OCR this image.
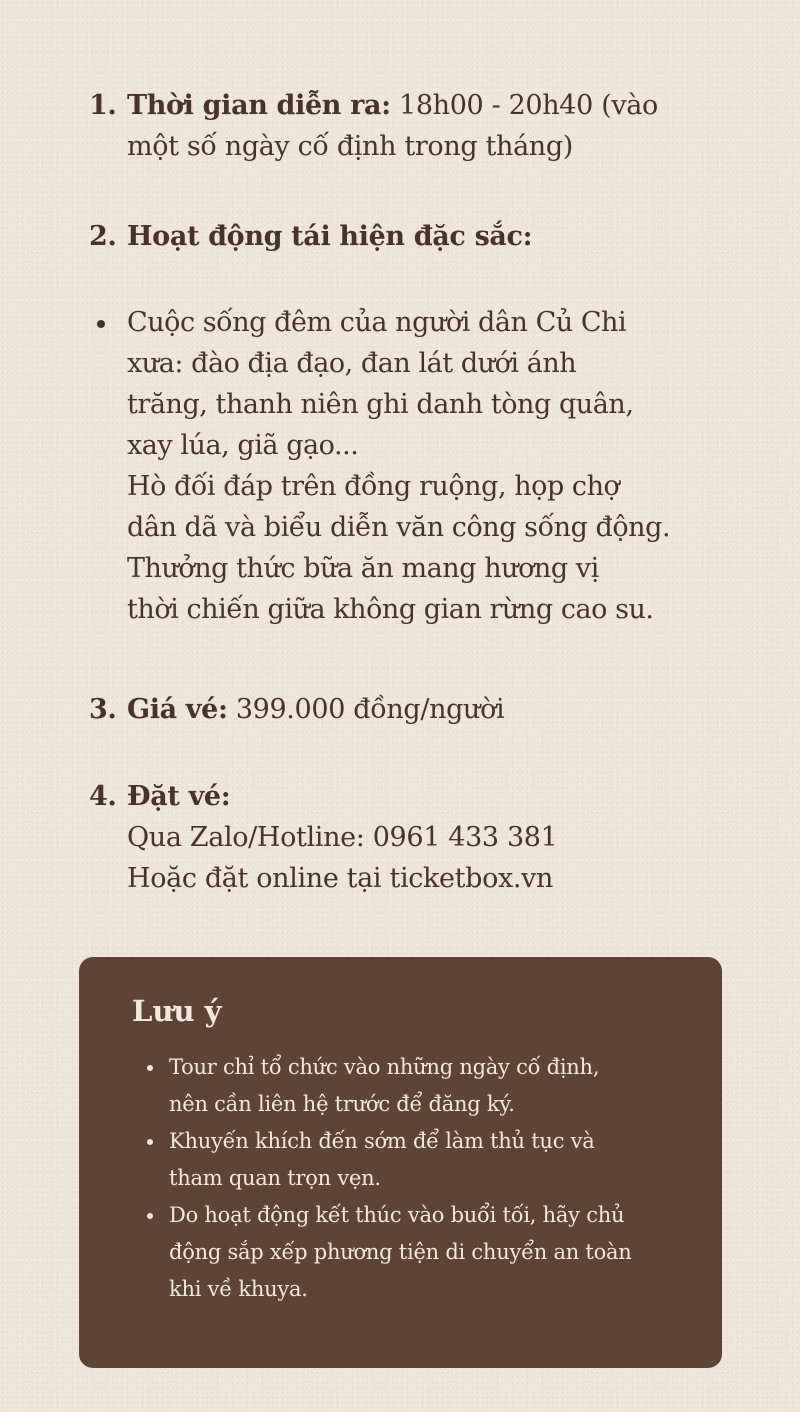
1. Thời gian diễn ra: 18h00 - 20h40 (vào
một số ngày cố định trong tháng)
2. Hoạt động tái hiện đặc sắc:
Cuộc sống đêm của người dân Củ Chi
xưa: đào địa đạo, đan lát dưới ánh
trăng, thanh niên ghi danh tòng quân,
xay lúa, giã gạo...
Hò đối đáp trên đồng ruộng, họp chợ
dân dã và biểu diễn văn công sống động.
Thưởng thức bữa ăn mang hương vị
thời chiến giữa không gian rừng cao su.
3. Giá vé: 399.000 đồng/người
4. Đặt vé:
Qua Zalo/Hotline: 0961 433 381
Hoặc đặt online tại ticketbox.vn
Lưu ý
Tour chỉ tổ chức vào những ngày cố định,
nên cần liên hệ trước để đăng ký.
Khuyến khích đến sớm để làm thủ tục và
tham quan trọn vẹn.
Do hoạt động kết thúc vào buổi tối, hãy chủ
động sắp xếp phương tiện di chuyển an toàn
khi về khuya.
